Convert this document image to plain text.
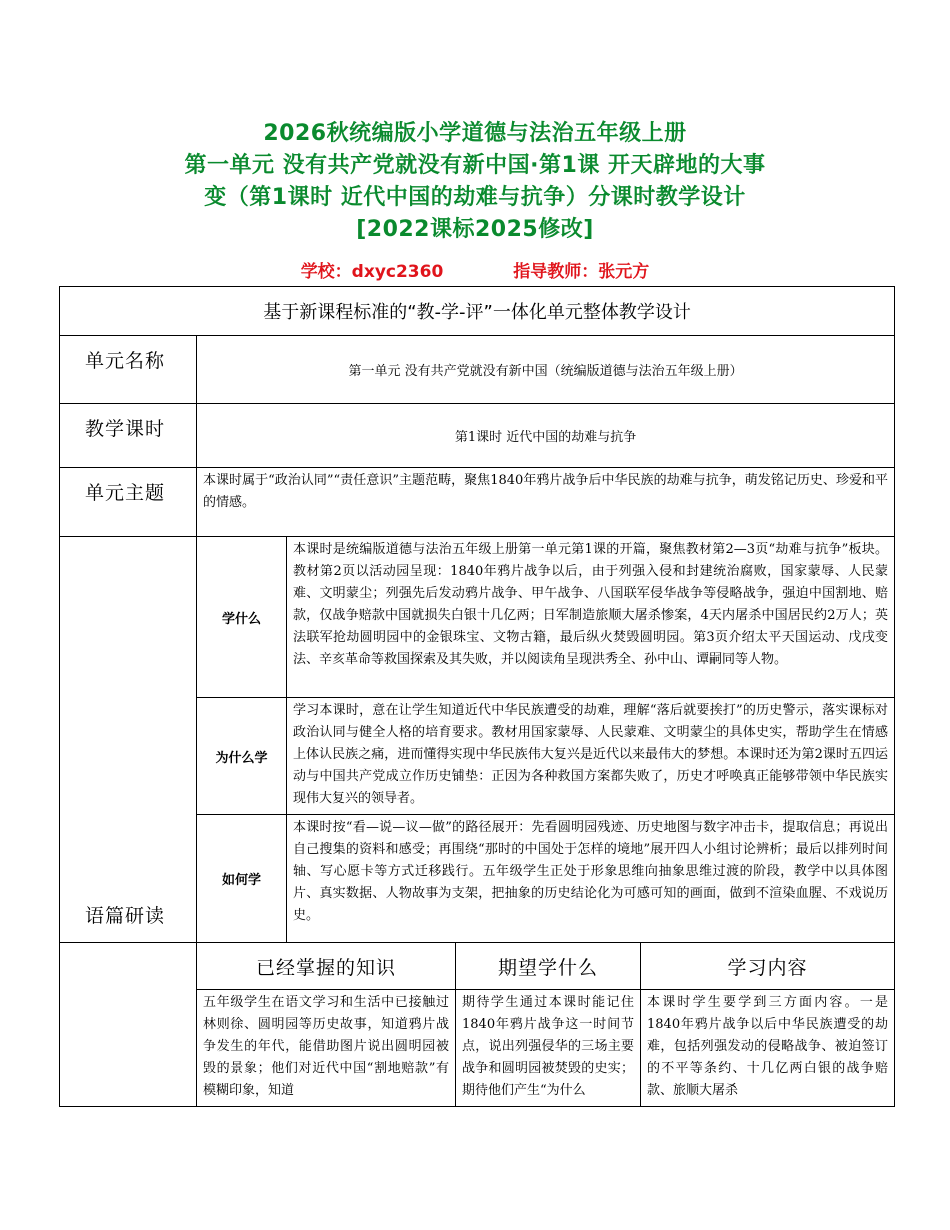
2026秋统编版小学道德与法治五年级上册
第一单元 没有共产党就没有新中国·第1课 开天辟地的大事
变（第1课时 近代中国的劫难与抗争）分课时教学设计
[2022课标2025修改]
学校：dxyc2360	指导教师：张元方
基于新课程标准的“教-学-评”一体化单元整体教学设计				
单元名称	第一单元 没有共产党就没有新中国（统编版道德与法治五年级上册）			
教学课时	第1课时 近代中国的劫难与抗争			
单元主题	本课时属于“政治认同”“责任意识”主题范畴，聚焦1840年鸦片战争后中华民族的劫难与抗争，萌发铭记历史、珍爱和平的情感。			
语篇研读	学什么	本课时是统编版道德与法治五年级上册第一单元第1课的开篇，聚焦教材第2—3页“劫难与抗争”板块。教材第2页以活动园呈现：1840年鸦片战争以后，由于列强入侵和封建统治腐败，国家蒙辱、人民蒙难、文明蒙尘；列强先后发动鸦片战争、甲午战争、八国联军侵华战争等侵略战争，强迫中国割地、赔款，仅战争赔款中国就损失白银十几亿两；日军制造旅顺大屠杀惨案，4天内屠杀中国居民约2万人；英法联军抢劫圆明园中的金银珠宝、文物古籍，最后纵火焚毁圆明园。第3页介绍太平天国运动、戊戌变法、辛亥革命等救国探索及其失败，并以阅读角呈现洪秀全、孙中山、谭嗣同等人物。		
	为什么学	学习本课时，意在让学生知道近代中华民族遭受的劫难，理解“落后就要挨打”的历史警示，落实课标对政治认同与健全人格的培育要求。教材用国家蒙辱、人民蒙难、文明蒙尘的具体史实，帮助学生在情感上体认民族之痛，进而懂得实现中华民族伟大复兴是近代以来最伟大的梦想。本课时还为第2课时五四运动与中国共产党成立作历史铺垫：正因为各种救国方案都失败了，历史才呼唤真正能够带领中华民族实现伟大复兴的领导者。		
	如何学	本课时按“看—说—议—做”的路径展开：先看圆明园残迹、历史地图与数字冲击卡，提取信息；再说出自己搜集的资料和感受；再围绕“那时的中国处于怎样的境地”展开四人小组讨论辨析；最后以排列时间轴、写心愿卡等方式迁移践行。五年级学生正处于形象思维向抽象思维过渡的阶段，教学中以具体图片、真实数据、人物故事为支架，把抽象的历史结论化为可感可知的画面，做到不渲染血腥、不戏说历史。		
	已经掌握的知识		期望学什么	学习内容
	五年级学生在语文学习和生活中已接触过林则徐、圆明园等历史故事，知道鸦片战争发生的年代，能借助图片说出圆明园被毁的景象；他们对近代中国“割地赔款”有模糊印象，知道		期待学生通过本课时能记住1840年鸦片战争这一时间节点，说出列强侵华的三场主要战争和圆明园被焚毁的史实；期待他们产生“为什么	本课时学生要学到三方面内容。一是1840年鸦片战争以后中华民族遭受的劫难，包括列强发动的侵略战争、被迫签订的不平等条约、十几亿两白银的战争赔款、旅顺大屠杀
